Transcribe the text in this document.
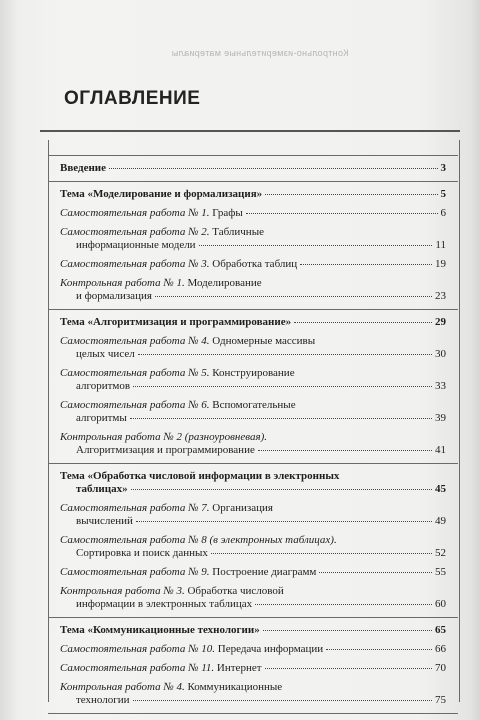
Контрольно-измерительные материалы
ОГЛАВЛЕНИЕ
Введение	3
Тема «Моделирование и формализация»	5
Самостоятельная работа № 1. Графы	6
Самостоятельная работа № 2. Табличные
информационные модели	11
Самостоятельная работа № 3. Обработка таблиц	19
Контрольная работа № 1. Моделирование
и формализация	23
Тема «Алгоритмизация и программирование»	29
Самостоятельная работа № 4. Одномерные массивы
целых чисел	30
Самостоятельная работа № 5. Конструирование
алгоритмов	33
Самостоятельная работа № 6. Вспомогательные
алгоритмы	39
Контрольная работа № 2 (разноуровневая).
Алгоритмизация и программирование	41
Тема «Обработка числовой информации в электронных
таблицах»	45
Самостоятельная работа № 7. Организация
вычислений	49
Самостоятельная работа № 8 (в электронных таблицах).
Сортировка и поиск данных	52
Самостоятельная работа № 9. Построение диаграмм	55
Контрольная работа № 3. Обработка числовой
информации в электронных таблицах	60
Тема «Коммуникационные технологии»	65
Самостоятельная работа № 10. Передача информации	66
Самостоятельная работа № 11. Интернет	70
Контрольная работа № 4. Коммуникационные
технологии	75
